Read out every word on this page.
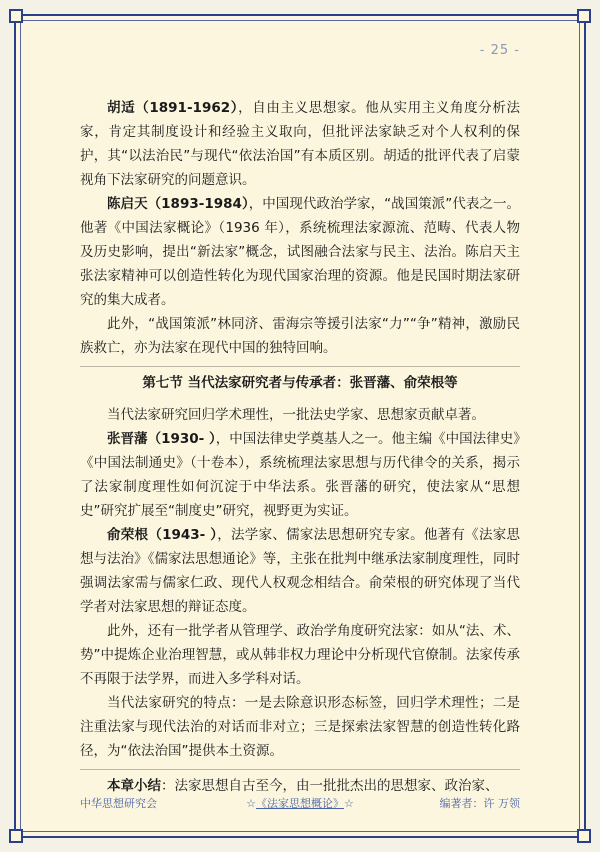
- 25 -

胡适（1891-1962），自由主义思想家。他从实用主义角度分析法家，肯定其制度设计和经验主义取向，但批评法家缺乏对个人权利的保护，其“以法治民”与现代“依法治国”有本质区别。胡适的批评代表了启蒙视角下法家研究的问题意识。

陈启天（1893-1984），中国现代政治学家，“战国策派”代表之一。他著《中国法家概论》（1936 年），系统梳理法家源流、范畴、代表人物及历史影响，提出“新法家”概念，试图融合法家与民主、法治。陈启天主张法家精神可以创造性转化为现代国家治理的资源。他是民国时期法家研究的集大成者。

此外，“战国策派”林同济、雷海宗等援引法家“力”“争”精神，激励民族救亡，亦为法家在现代中国的独特回响。

第七节 当代法家研究者与传承者：张晋藩、俞荣根等

当代法家研究回归学术理性，一批法史学家、思想家贡献卓著。

张晋藩（1930- ），中国法律史学奠基人之一。他主编《中国法律史》《中国法制通史》（十卷本），系统梳理法家思想与历代律令的关系，揭示了法家制度理性如何沉淀于中华法系。张晋藩的研究，使法家从“思想史”研究扩展至“制度史”研究，视野更为实证。

俞荣根（1943- ），法学家、儒家法思想研究专家。他著有《法家思想与法治》《儒家法思想通论》等，主张在批判中继承法家制度理性，同时强调法家需与儒家仁政、现代人权观念相结合。俞荣根的研究体现了当代学者对法家思想的辩证态度。

此外，还有一批学者从管理学、政治学角度研究法家：如从“法、术、势”中提炼企业治理智慧，或从韩非权力理论中分析现代官僚制。法家传承不再限于法学界，而进入多学科对话。

当代法家研究的特点：一是去除意识形态标签，回归学术理性；二是注重法家与现代法治的对话而非对立；三是探索法家智慧的创造性转化路径，为“依法治国”提供本土资源。

本章小结：法家思想自古至今，由一批批杰出的思想家、政治家、

中华思想研究会	☆《法家思想概论》☆	编著者：许 万领
